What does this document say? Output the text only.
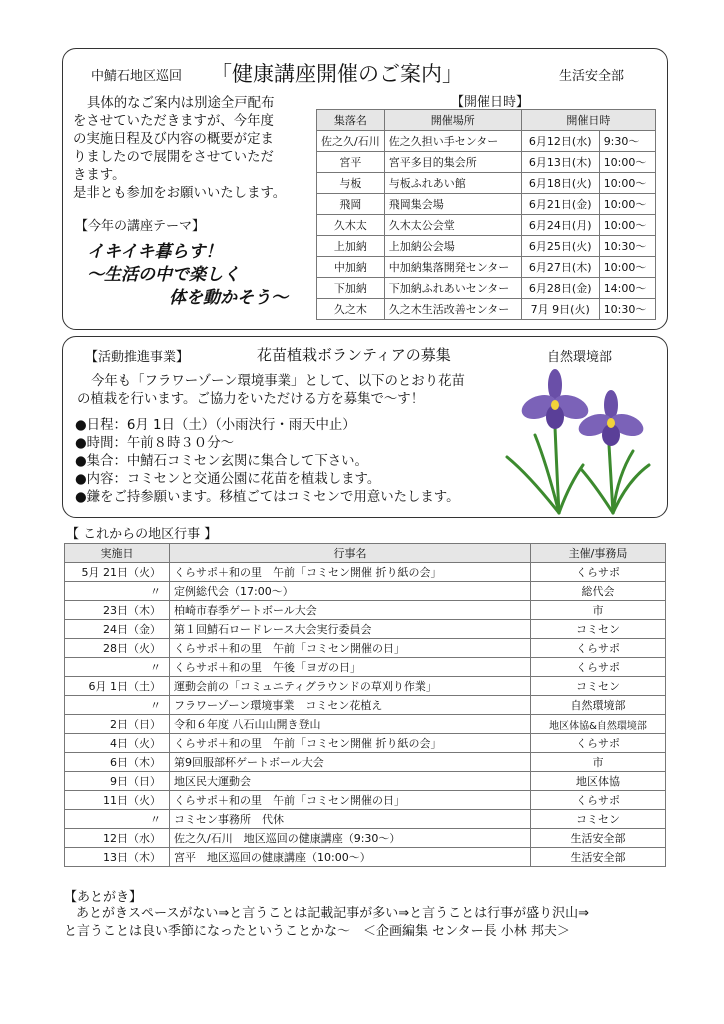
中鯖石地区巡回 「健康講座開催のご案内」	生活安全部
具体的なご案内は別途全戸配布
をさせていただきますが、今年度
の実施日程及び内容の概要が定ま
りましたので展開をさせていただ
きます。
是非とも参加をお願いいたします。
【今年の講座テーマ】
イキイキ暮らす！
～生活の中で楽しく
体を動かそう～
【開催日時】
集落名	開催場所	開催日時	
佐之久/石川	佐之久担い手センター	6月12日(水)	9:30～
宮平	宮平多目的集会所	6月13日(木)	10:00～
与板	与板ふれあい館	6月18日(火)	10:00～
飛岡	飛岡集会場	6月21日(金)	10:00～
久木太	久木太公会堂	6月24日(月)	10:00～
上加納	上加納公会場	6月25日(火)	10:30～
中加納	中加納集落開発センター	6月27日(木)	10:00～
下加納	下加納ふれあいセンター	6月28日(金)	14:00～
久之木	久之木生活改善センター	7月 9日(火)	10:30～
【活動推進事業】	花苗植栽ボランティアの募集	自然環境部
今年も「フラワーゾーン環境事業」として、以下のとおり花苗
の植栽を行います。ご協力をいただける方を募集で～す！
●日程：6月 1日（土）（小雨決行・雨天中止）
●時間：午前８時３０分～
●集合：中鯖石コミセン玄関に集合して下さい。
●内容：コミセンと交通公園に花苗を植栽します。
●鎌をご持参願います。移植ごてはコミセンで用意いたします。
【 これからの地区行事 】
実施日	行事名	主催/事務局
5月 21日（火）	くらサポ＋和の里　午前「コミセン開催 折り紙の会」	くらサポ
〃	定例総代会（17:00～）	総代会
23日（木）	柏崎市春季ゲートボール大会	市
24日（金）	第１回鯖石ロードレース大会実行委員会	コミセン
28日（火）	くらサポ＋和の里　午前「コミセン開催の日」	くらサポ
〃	くらサポ＋和の里　午後「ヨガの日」	くらサポ
6月 1日（土）	運動会前の「コミュニティグラウンドの草刈り作業」	コミセン
〃	フラワーゾーン環境事業　コミセン花植え	自然環境部
2日（日）	令和６年度 八石山山開き登山	地区体協&自然環境部
4日（火）	くらサポ＋和の里　午前「コミセン開催 折り紙の会」	くらサポ
6日（木）	第9回服部杯ゲートボール大会	市
9日（日）	地区民大運動会	地区体協
11日（火）	くらサポ＋和の里　午前「コミセン開催の日」	くらサポ
〃	コミセン事務所　代休	コミセン
12日（水）	佐之久/石川　地区巡回の健康講座（9:30～）	生活安全部
13日（木）	宮平　地区巡回の健康講座（10:00～）	生活安全部
【あとがき】
あとがきスペースがない⇒と言うことは記載記事が多い⇒と言うことは行事が盛り沢山⇒
と言うことは良い季節になったということかな～　＜企画編集 センター長 小林 邦夫＞
